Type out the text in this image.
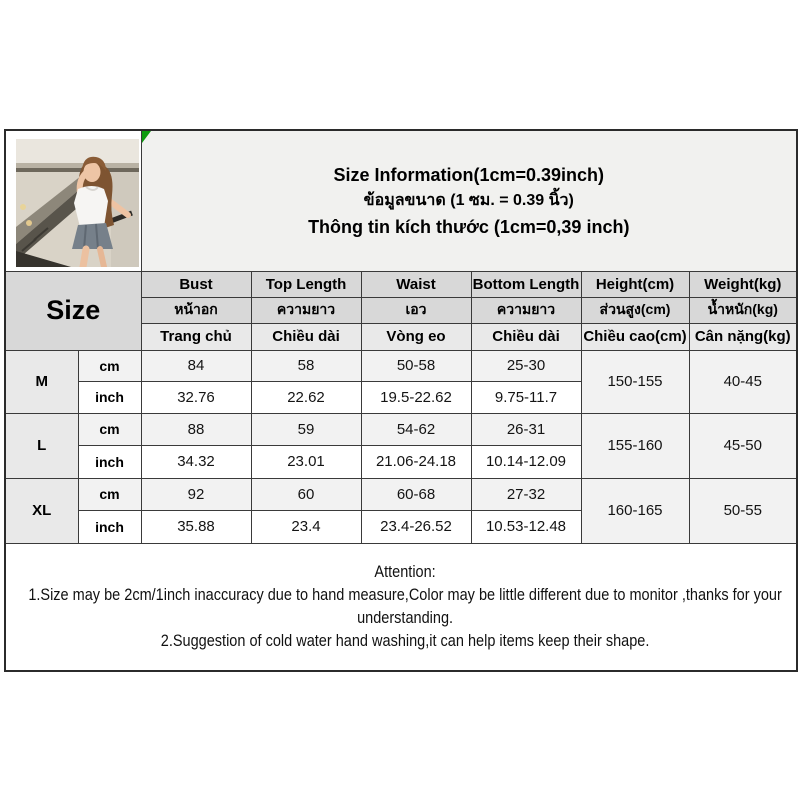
Size Information(1cm=0.39inch)
ข้อมูลขนาด (1 ซม. = 0.39 นิ้ว)
Thông tin kích thước (1cm=0,39 inch)					

Size		Bust	Top Length	Waist	Bottom Length	Height(cm)	Weight(kg)
		หน้าอก	ความยาว	เอว	ความยาว	ส่วนสูง(cm)	น้ำหนัก(kg)
		Trang chủ	Chiều dài	Vòng eo	Chiều dài	Chiều cao(cm)	Cân nặng(kg)
M	cm	84	58	50-58	25-30	150-155	40-45
	inch	32.76	22.62	19.5-22.62	9.75-11.7		
L	cm	88	59	54-62	26-31	155-160	45-50
	inch	34.32	23.01	21.06-24.18	10.14-12.09		
XL	cm	92	60	60-68	27-32	160-165	50-55
	inch	35.88	23.4	23.4-26.52	10.53-12.48		

Attention:
1.Size may be 2cm/1inch inaccuracy due to hand measure,Color may be little different due to monitor ,thanks for your
understanding.
2.Suggestion of cold water hand washing,it can help items keep their shape.							
